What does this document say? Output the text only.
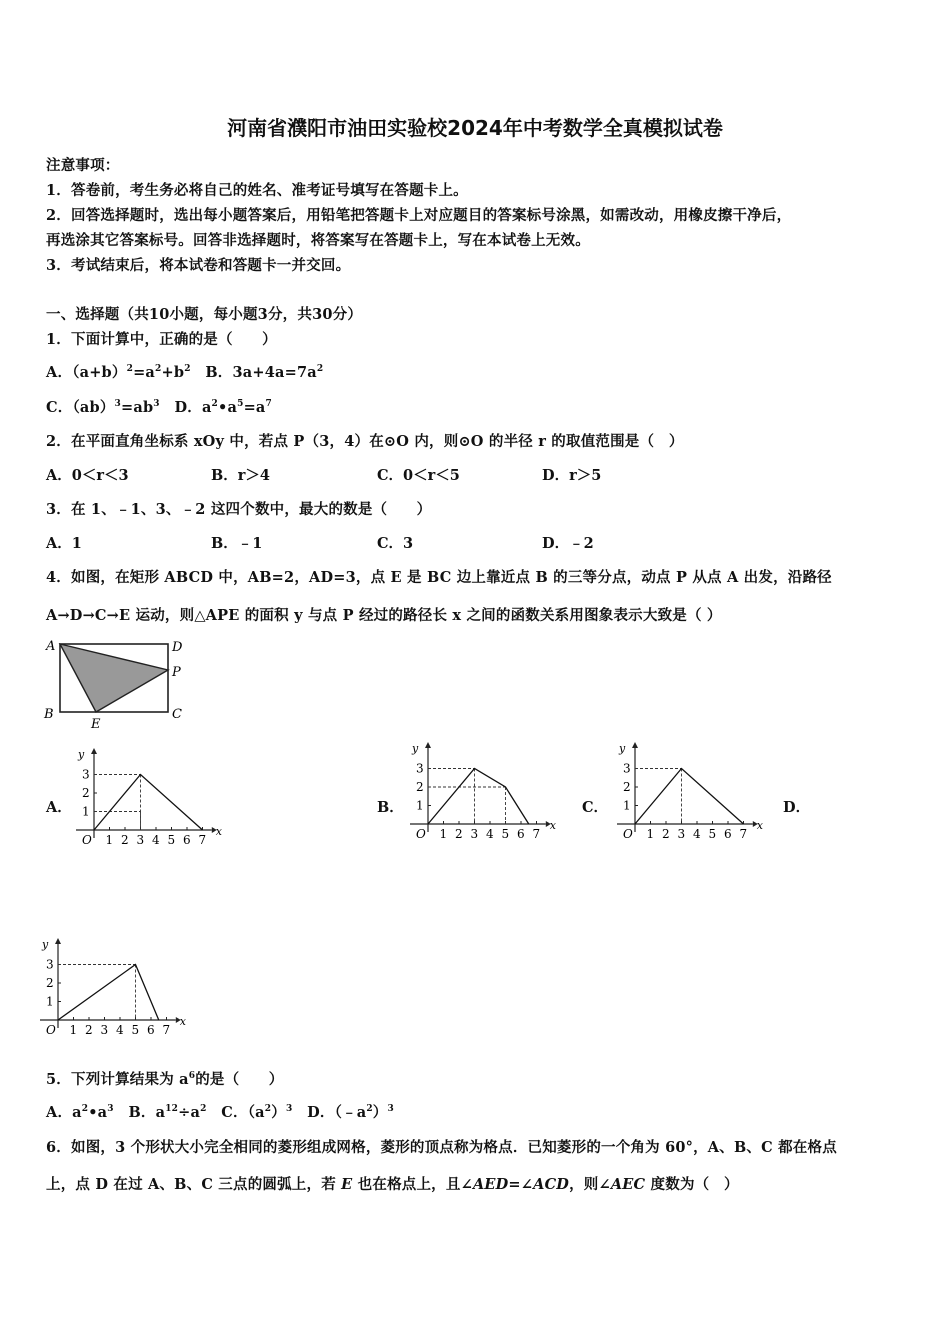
河南省濮阳市油田实验校2024年中考数学全真模拟试卷
注意事项：
1．答卷前，考生务必将自己的姓名、准考证号填写在答题卡上。
2．回答选择题时，选出每小题答案后，用铅笔把答题卡上对应题目的答案标号涂黑，如需改动，用橡皮擦干净后，
再选涂其它答案标号。回答非选择题时，将答案写在答题卡上，写在本试卷上无效。
3．考试结束后，将本试卷和答题卡一并交回。
一、选择题（共10小题，每小题3分，共30分）
1．下面计算中，正确的是（　　）
A．$(a+b)^2=a^2+b^2$　B．$3a+4a=7a^2$
C．$(ab)^3=ab^3$　D．$a^2•a^5=a^7$
2．在平面直角坐标系 xOy 中，若点 P（3，4）在⊙O 内，则⊙O 的半径 r 的取值范围是（　）
A．0＜r＜3	B．r＞4	C．0＜r＜5	D．r＞5
3．在 1、﹣1、3、﹣2 这四个数中，最大的数是（　　）
A．1	B．﹣1	C．3	D．﹣2
4．如图，在矩形 ABCD 中，AB=2，AD=3，点 E 是 BC 边上靠近点 B 的三等分点，动点 P 从点 A 出发，沿路径
A→D→C→E 运动，则△APE 的面积 y 与点 P 经过的路径长 x 之间的函数关系用图象表示大致是（ ）
A	D
P
B	C
E
A．	B．	C．	D．
y
x
O
1
2
3
1 2 3 4 5 6 7
y
x
O
1
2
3
1 2 3 4 5 6 7
y
x
O
1
2
3
1 2 3 4 5 6 7
y
x
O
1
2
3
1 2 3 4 5 6 7
5．下列计算结果为 $a^6$的是（　　）
A．$a^2•a^3$　B．$a^{12}\div a^2$　C．$(a^2)^3$　D．$(﹣a^2)^3$
6．如图，3 个形状大小完全相同的菱形组成网格，菱形的顶点称为格点．已知菱形的一个角为 60°，A、B、C 都在格点
上，点 D 在过 A、B、C 三点的圆弧上，若 E 也在格点上，且∠AED=∠ACD，则∠AEC 度数为（　）
